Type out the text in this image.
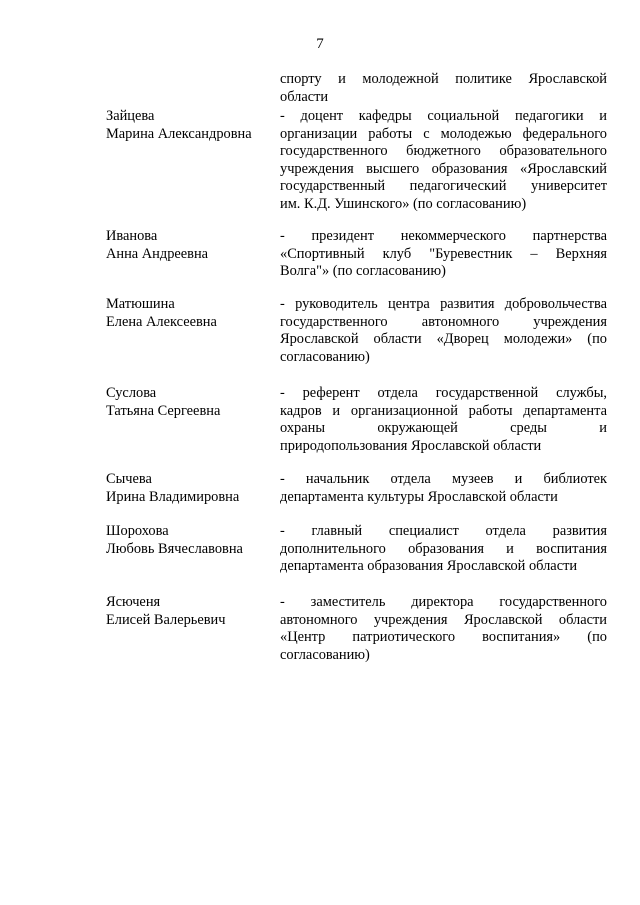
7
спорту и молодежной политике Ярославской
области
Зайцева
Марина Александровна
- доцент кафедры социальной педагогики и
организации работы с молодежью федерального
государственного бюджетного образовательного
учреждения высшего образования «Ярославский
государственный педагогический университет
им. К.Д. Ушинского» (по согласованию)
Иванова
Анна Андреевна
- президент некоммерческого партнерства
«Спортивный клуб "Буревестник – Верхняя
Волга"» (по согласованию)
Матюшина
Елена Алексеевна
- руководитель центра развития добровольчества
государственного автономного учреждения
Ярославской области «Дворец молодежи» (по
согласованию)
Суслова
Татьяна Сергеевна
- референт отдела государственной службы,
кадров и организационной работы департамента
охраны окружающей среды и
природопользования Ярославской области
Сычева
Ирина Владимировна
- начальник отдела музеев и библиотек
департамента культуры Ярославской области
Шорохова
Любовь Вячеславовна
- главный специалист отдела развития
дополнительного образования и воспитания
департамента образования Ярославской области
Ясюченя
Елисей Валерьевич
- заместитель директора государственного
автономного учреждения Ярославской области
«Центр патриотического воспитания» (по
согласованию)
